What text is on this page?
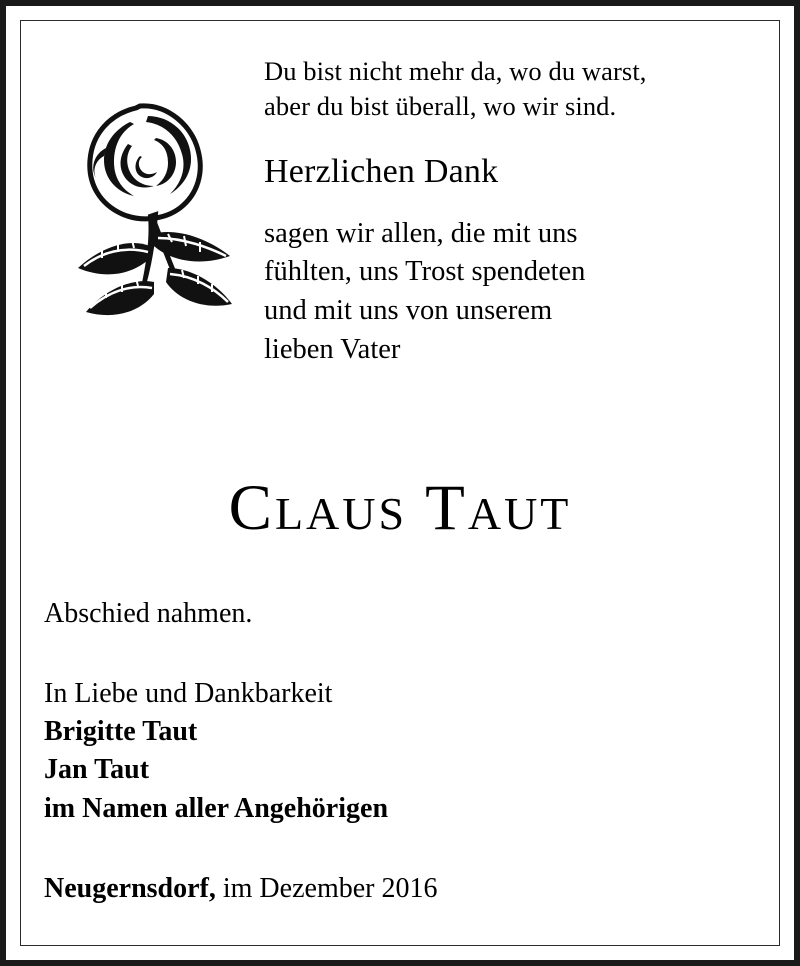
Du bist nicht mehr da, wo du warst,
aber du bist überall, wo wir sind.
Herzlichen Dank
sagen wir allen, die mit uns
fühlten, uns Trost spendeten
und mit uns von unserem
lieben Vater
Claus Taut
Abschied nahmen.
In Liebe und Dankbarkeit
Brigitte Taut
Jan Taut
im Namen aller Angehörigen
Neugernsdorf, im Dezember 2016
